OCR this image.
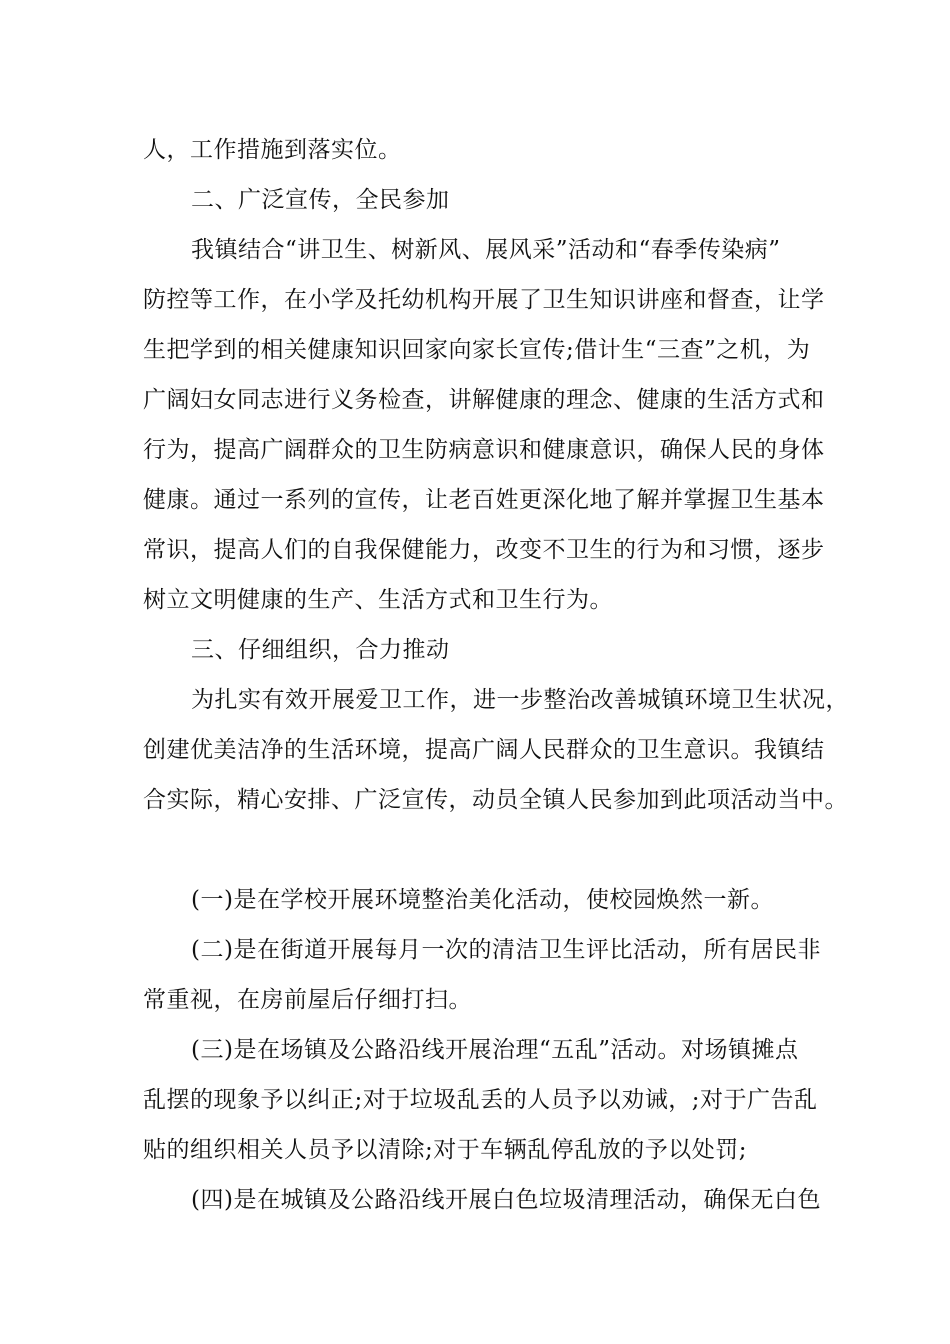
人，工作措施到落实位。
二、广泛宣传，全民参加
我镇结合“讲卫生、树新风、展风采”活动和“春季传染病”
防控等工作，在小学及托幼机构开展了卫生知识讲座和督查，让学
生把学到的相关健康知识回家向家长宣传;借计生“三查”之机，为
广阔妇女同志进行义务检查，讲解健康的理念、健康的生活方式和
行为，提高广阔群众的卫生防病意识和健康意识，确保人民的身体
健康。通过一系列的宣传，让老百姓更深化地了解并掌握卫生基本
常识，提高人们的自我保健能力，改变不卫生的行为和习惯，逐步
树立文明健康的生产、生活方式和卫生行为。
三、仔细组织，合力推动
为扎实有效开展爱卫工作，进一步整治改善城镇环境卫生状况，
创建优美洁净的生活环境，提高广阔人民群众的卫生意识。我镇结
合实际，精心安排、广泛宣传，动员全镇人民参加到此项活动当中。
(一)是在学校开展环境整治美化活动，使校园焕然一新。
(二)是在街道开展每月一次的清洁卫生评比活动，所有居民非
常重视，在房前屋后仔细打扫。
(三)是在场镇及公路沿线开展治理“五乱”活动。对场镇摊点
乱摆的现象予以纠正;对于垃圾乱丢的人员予以劝诫，;对于广告乱
贴的组织相关人员予以清除;对于车辆乱停乱放的予以处罚;
(四)是在城镇及公路沿线开展白色垃圾清理活动，确保无白色
